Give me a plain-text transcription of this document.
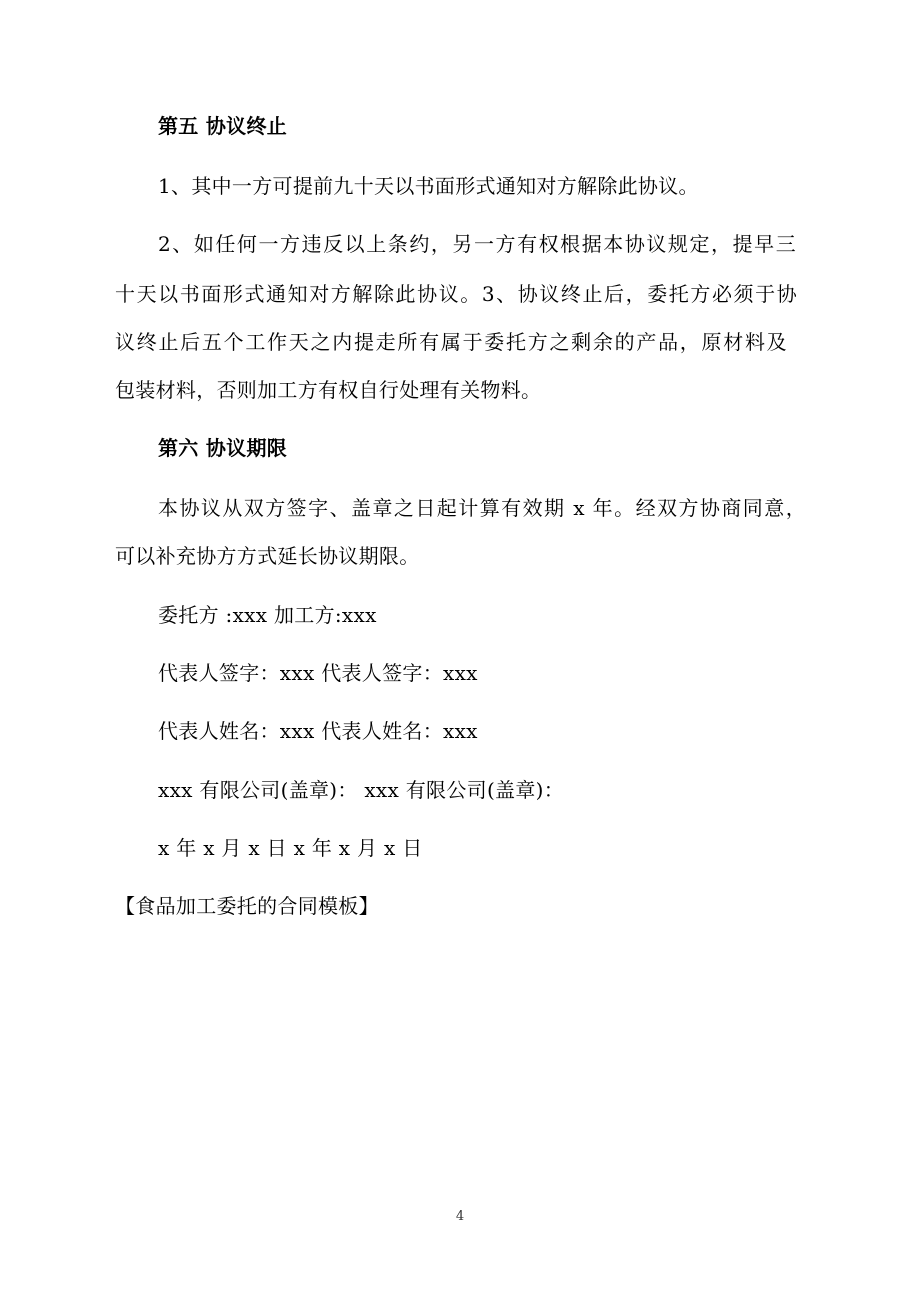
第五 协议终止
1、其中一方可提前九十天以书面形式通知对方解除此协议。
2、如任何一方违反以上条约，另一方有权根据本协议规定，提早三
十天以书面形式通知对方解除此协议。3、协议终止后，委托方必须于协
议终止后五个工作天之内提走所有属于委托方之剩余的产品，原材料及
包装材料，否则加工方有权自行处理有关物料。
第六 协议期限
本协议从双方签字、盖章之日起计算有效期 x 年。经双方协商同意，
可以补充协方方式延长协议期限。
委托方 :xxx 加工方:xxx
代表人签字：xxx 代表人签字：xxx
代表人姓名：xxx 代表人姓名：xxx
xxx 有限公司(盖章)： xxx 有限公司(盖章)：
x 年 x 月 x 日 x 年 x 月 x 日
【食品加工委托的合同模板】
4
